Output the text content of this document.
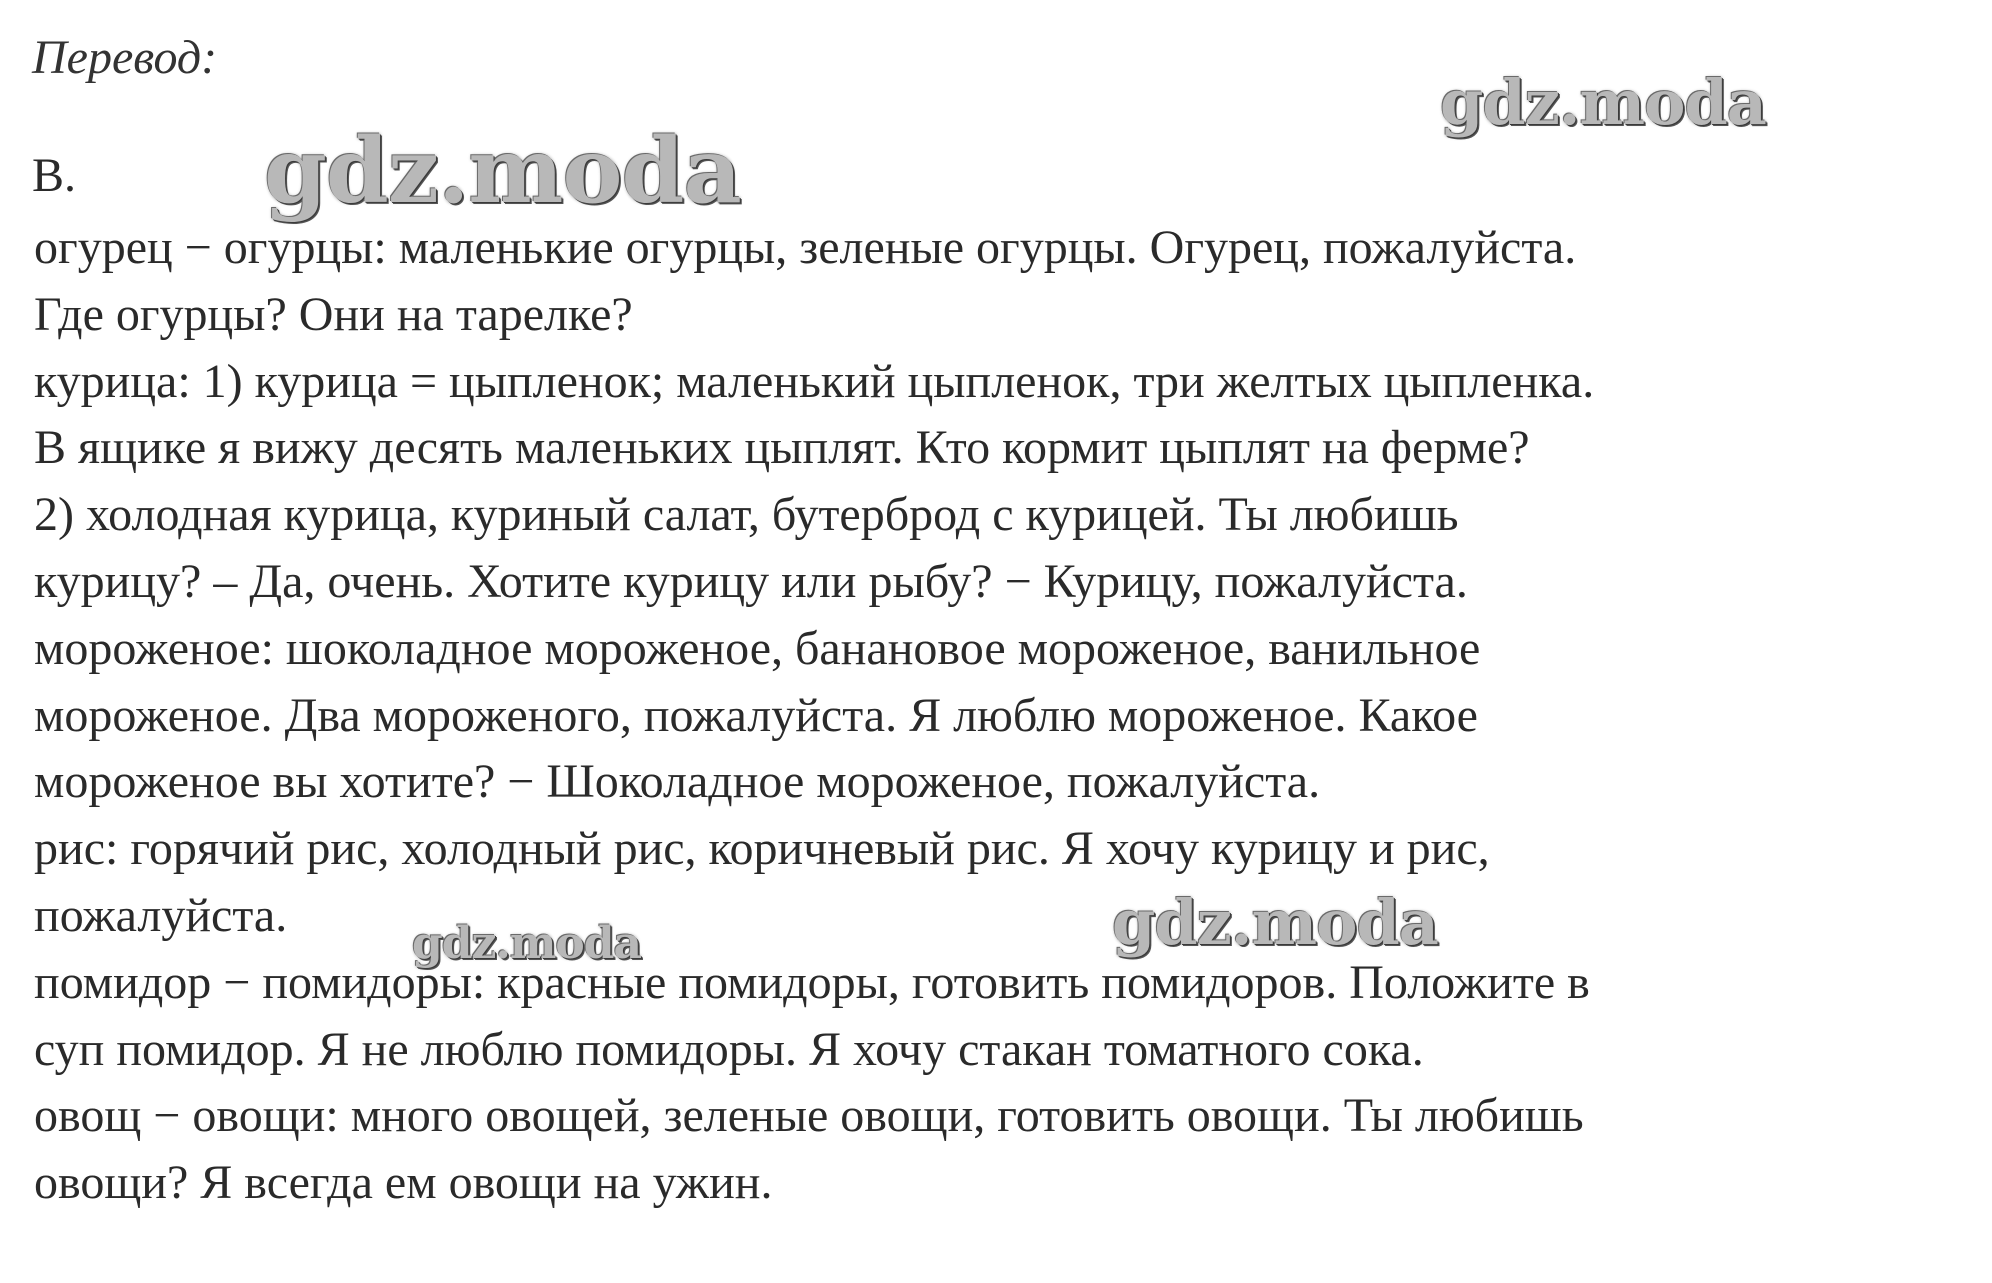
Перевод:
B.
огурец − огурцы: маленькие огурцы, зеленые огурцы. Огурец, пожалуйста.
Где огурцы? Они на тарелке?
курица: 1) курица = цыпленок; маленький цыпленок, три желтых цыпленка.
В ящике я вижу десять маленьких цыплят. Кто кормит цыплят на ферме?
2) холодная курица, куриный салат, бутерброд с курицей. Ты любишь
курицу? – Да, очень. Хотите курицу или рыбу? − Курицу, пожалуйста.
мороженое: шоколадное мороженое, банановое мороженое, ванильное
мороженое. Два мороженого, пожалуйста. Я люблю мороженое. Какое
мороженое вы хотите? − Шоколадное мороженое, пожалуйста.
рис: горячий рис, холодный рис, коричневый рис. Я хочу курицу и рис,
пожалуйста.
помидор − помидоры: красные помидоры, готовить помидоров. Положите в
суп помидор. Я не люблю помидоры. Я хочу стакан томатного сока.
овощ − овощи: много овощей, зеленые овощи, готовить овощи. Ты любишь
овощи? Я всегда ем овощи на ужин.
gdz.moda
gdz.moda
gdz.moda	gdz.moda
